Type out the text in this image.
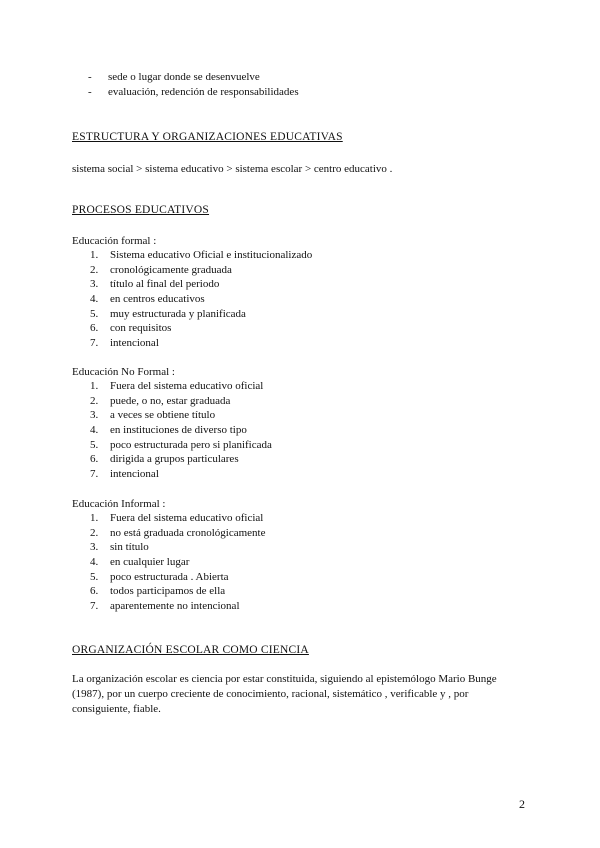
-	sede o lugar donde se desenvuelve
-	evaluación, redención de responsabilidades
ESTRUCTURA Y ORGANIZACIONES EDUCATIVAS
sistema social > sistema educativo > sistema escolar > centro educativo .
PROCESOS EDUCATIVOS
Educación formal :
1.	Sistema educativo Oficial e institucionalizado
2.	cronológicamente graduada
3.	título al final del periodo
4.	en centros educativos
5.	muy estructurada y planificada
6.	con requisitos
7.	intencional
Educación No Formal :
1.	Fuera del sistema educativo oficial
2.	puede, o no, estar graduada
3.	a veces se obtiene título
4.	en instituciones de diverso tipo
5.	poco estructurada pero si planificada
6.	dirigida a grupos particulares
7.	intencional
Educación Informal :
1.	Fuera del sistema educativo oficial
2.	no está graduada cronológicamente
3.	sin título
4.	en cualquier lugar
5.	poco estructurada . Abierta
6.	todos participamos de ella
7.	aparentemente no intencional
ORGANIZACIÓN ESCOLAR COMO CIENCIA
La organización escolar es ciencia por estar constituida, siguiendo al epistemólogo Mario Bunge (1987), por un cuerpo creciente de conocimiento, racional, sistemático , verificable y , por consiguiente, fiable.
2
